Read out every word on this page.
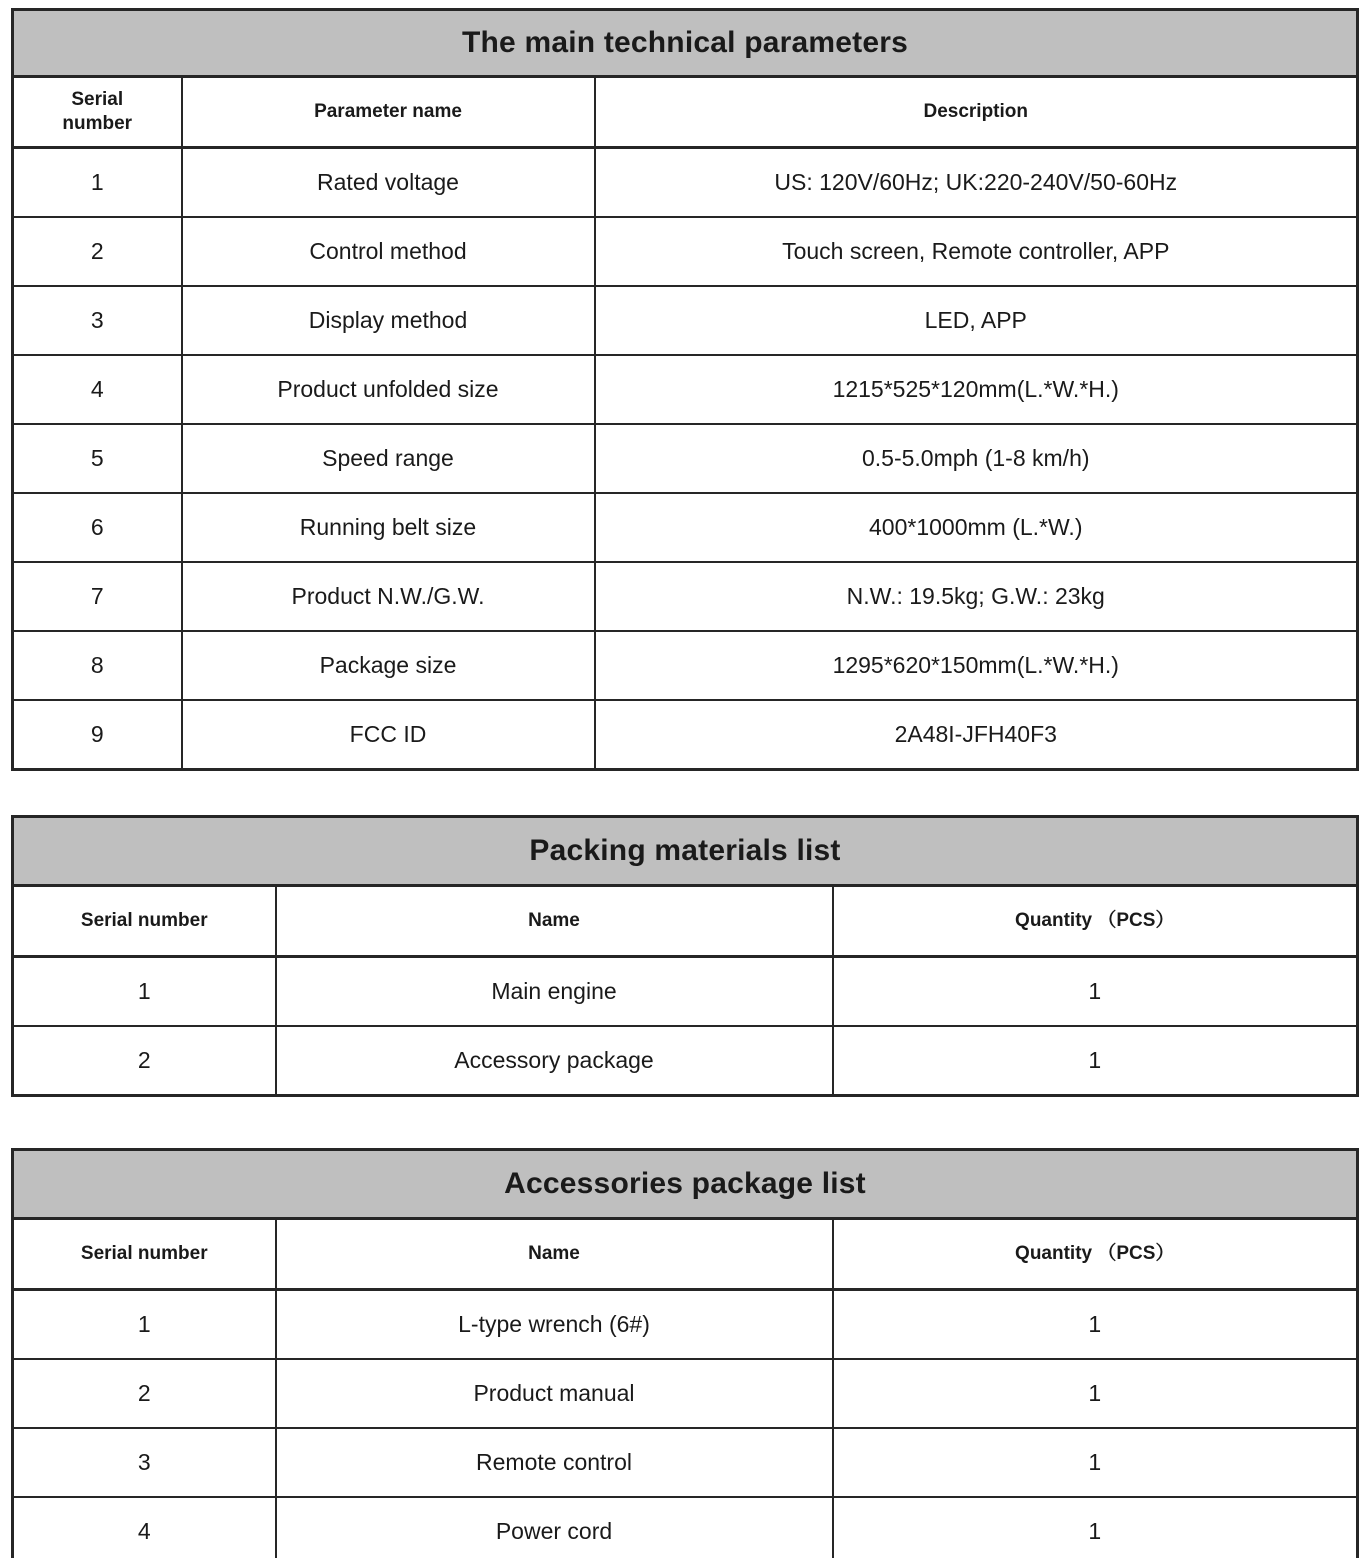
The main technical parameters		

Serial
number	Parameter name	Description
1	Rated voltage	US: 120V/60Hz; UK:220-240V/50-60Hz
2	Control method	Touch screen, Remote controller, APP
3	Display method	LED, APP
4	Product unfolded size	1215*525*120mm(L.*W.*H.)
5	Speed range	0.5-5.0mph (1-8 km/h)
6	Running belt size	400*1000mm (L.*W.)
7	Product N.W./G.W.	N.W.: 19.5kg; G.W.: 23kg
8	Package size	1295*620*150mm(L.*W.*H.)
9	FCC ID	2A48I-JFH40F3
Packing materials list		
Serial number	Name	Quantity （PCS）
1	Main engine	1
2	Accessory package	1
Accessories package list		
Serial number	Name	Quantity （PCS）
1	L-type wrench (6#)	1
2	Product manual	1
3	Remote control	1
4	Power cord	1
